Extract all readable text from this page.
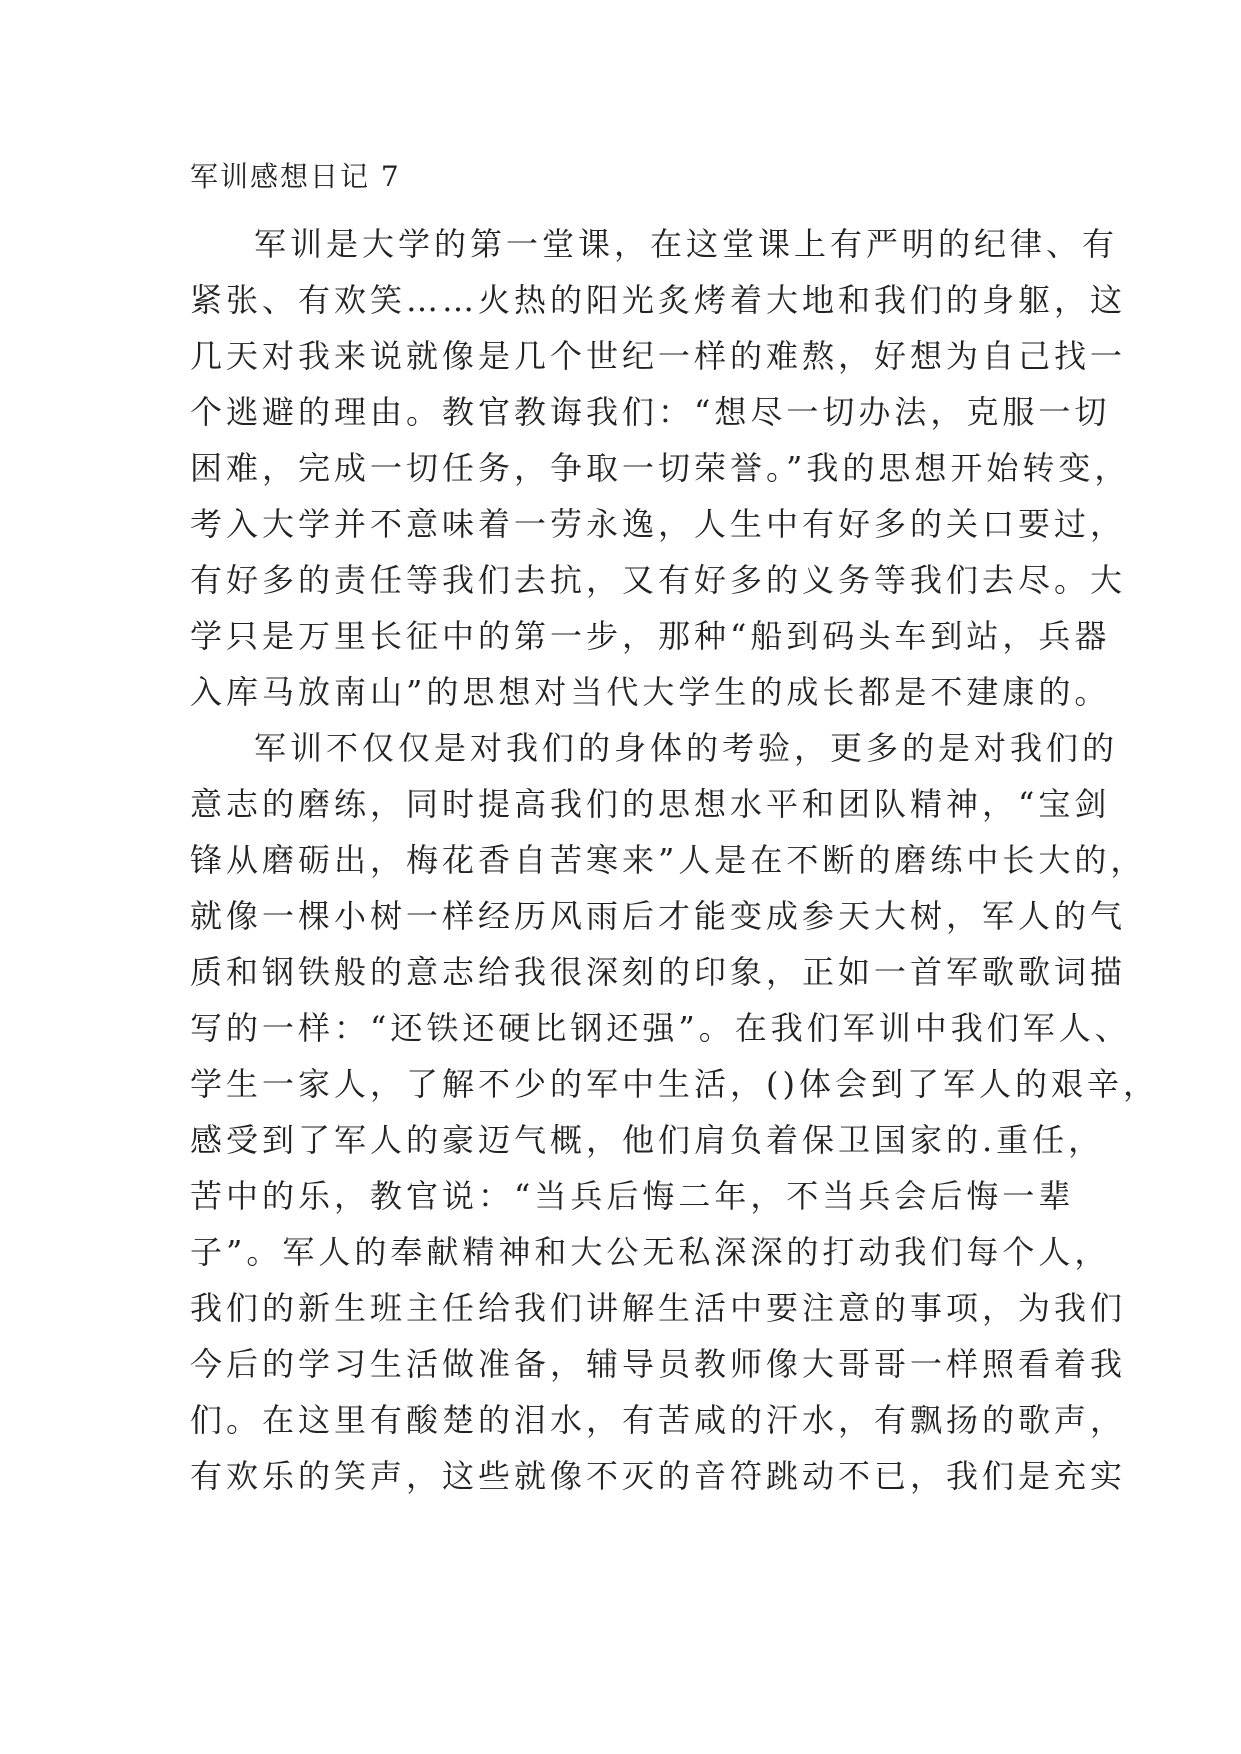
军训感想日记 7
军训是大学的第一堂课，在这堂课上有严明的纪律、有
紧张、有欢笑……火热的阳光炙烤着大地和我们的身躯，这
几天对我来说就像是几个世纪一样的难熬，好想为自己找一
个逃避的理由。教官教诲我们：“想尽一切办法，克服一切
困难，完成一切任务，争取一切荣誉。”我的思想开始转变，
考入大学并不意味着一劳永逸，人生中有好多的关口要过，
有好多的责任等我们去抗，又有好多的义务等我们去尽。大
学只是万里长征中的第一步，那种“船到码头车到站，兵器
入库马放南山”的思想对当代大学生的成长都是不建康的。
军训不仅仅是对我们的身体的考验，更多的是对我们的
意志的磨练，同时提高我们的思想水平和团队精神，“宝剑
锋从磨砺出，梅花香自苦寒来”人是在不断的磨练中长大的，
就像一棵小树一样经历风雨后才能变成参天大树，军人的气
质和钢铁般的意志给我很深刻的印象，正如一首军歌歌词描
写的一样：“还铁还硬比钢还强”。在我们军训中我们军人、
学生一家人，了解不少的军中生活，()体会到了军人的艰辛，
感受到了军人的豪迈气概，他们肩负着保卫国家的.重任，
苦中的乐，教官说：“当兵后悔二年，不当兵会后悔一辈
子”。军人的奉献精神和大公无私深深的打动我们每个人，
我们的新生班主任给我们讲解生活中要注意的事项，为我们
今后的学习生活做准备，辅导员教师像大哥哥一样照看着我
们。在这里有酸楚的泪水，有苦咸的汗水，有飘扬的歌声，
有欢乐的笑声，这些就像不灭的音符跳动不已，我们是充实
